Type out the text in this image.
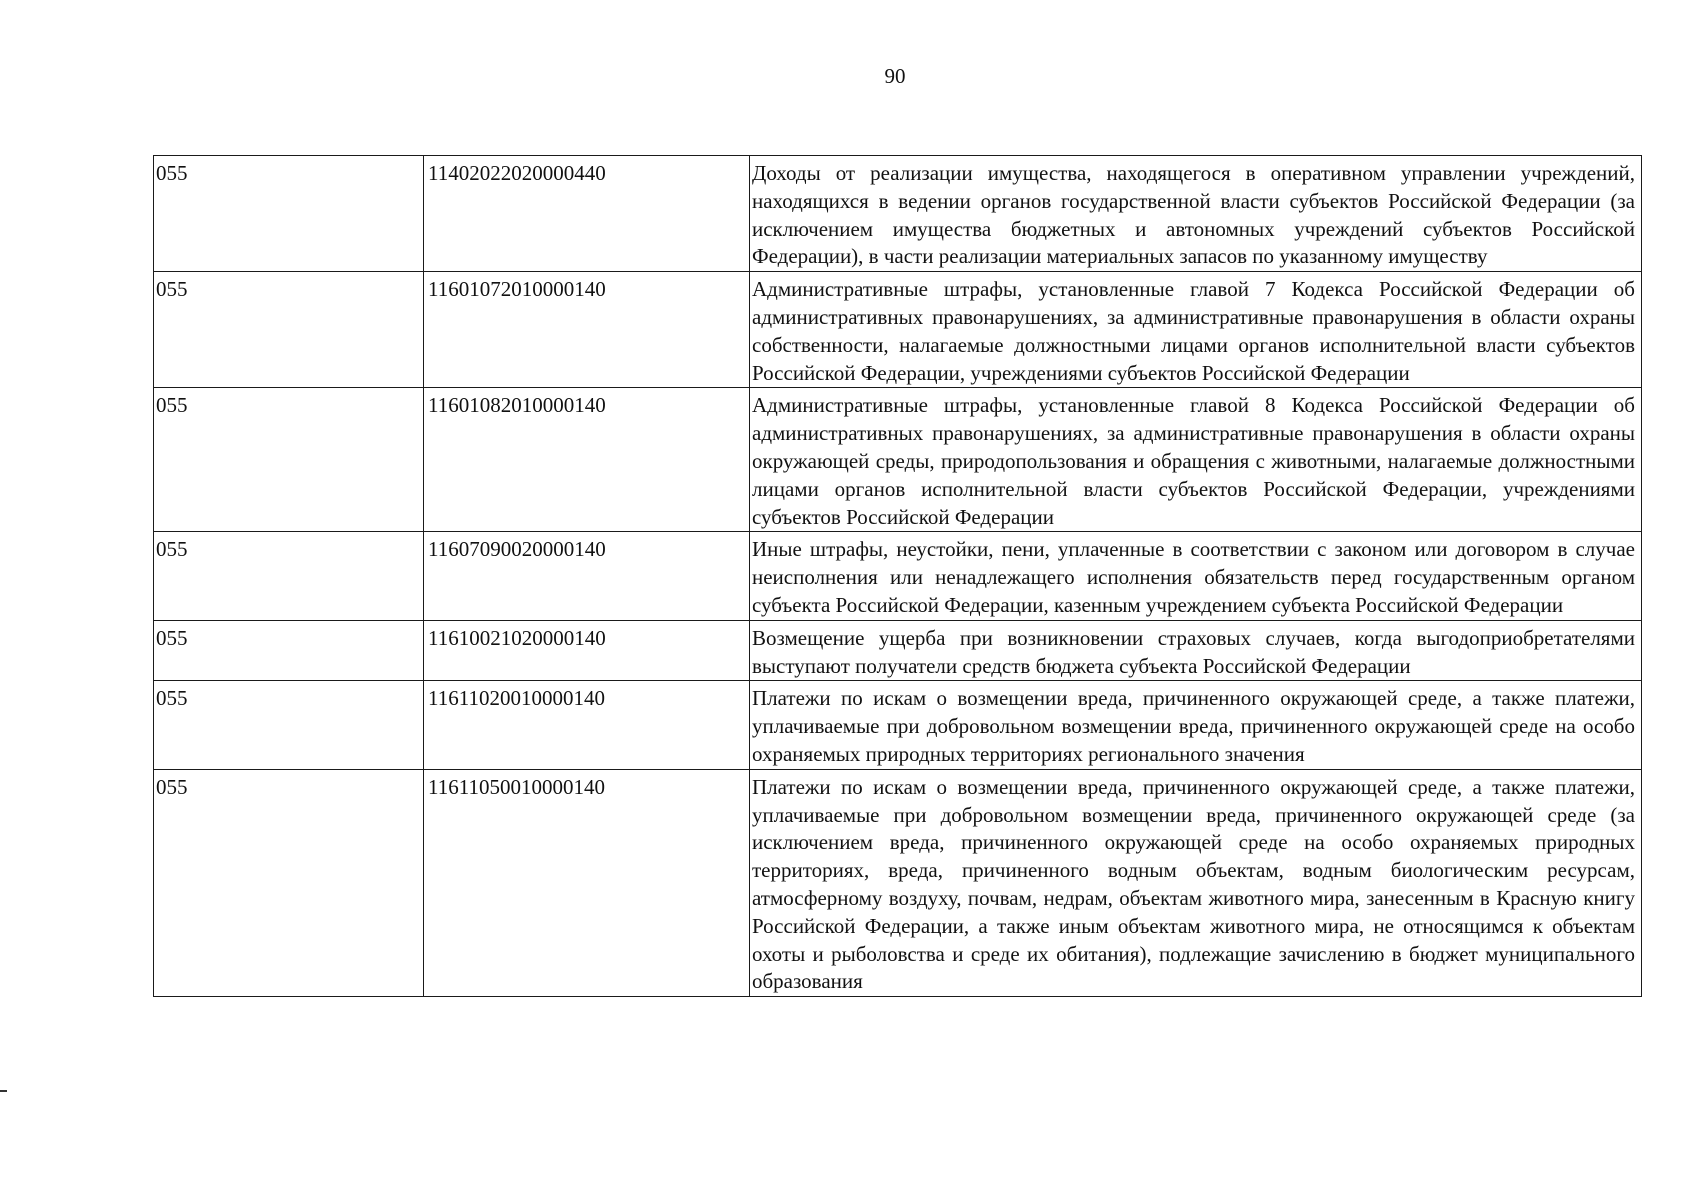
90
055	11402022020000440	Доходы от реализации имущества, находящегося в оперативном управлении учреждений, находящихся в ведении органов государственной власти субъектов Российской Федерации (за исключением имущества бюджетных и автономных учреждений субъектов Российской Федерации), в части реализации материальных запасов по указанному имуществу
055	11601072010000140	Административные штрафы, установленные главой 7 Кодекса Российской Федерации об административных правонарушениях, за административные правонарушения в области охраны собственности, налагаемые должностными лицами органов исполнительной власти субъектов Российской Федерации, учреждениями субъектов Российской Федерации
055	11601082010000140	Административные штрафы, установленные главой 8 Кодекса Российской Федерации об административных правонарушениях, за административные правонарушения в области охраны окружающей среды, природопользования и обращения с животными, налагаемые должностными лицами органов исполнительной власти субъектов Российской Федерации, учреждениями субъектов Российской Федерации
055	11607090020000140	Иные штрафы, неустойки, пени, уплаченные в соответствии с законом или договором в случае неисполнения или ненадлежащего исполнения обязательств перед государственным органом субъекта Российской Федерации, казенным учреждением субъекта Российской Федерации
055	11610021020000140	Возмещение ущерба при возникновении страховых случаев, когда выгодоприобретателями выступают получатели средств бюджета субъекта Российской Федерации
055	11611020010000140	Платежи по искам о возмещении вреда, причиненного окружающей среде, а также платежи, уплачиваемые при добровольном возмещении вреда, причиненного окружающей среде на особо охраняемых природных территориях регионального значения
055	11611050010000140	Платежи по искам о возмещении вреда, причиненного окружающей среде, а также платежи, уплачиваемые при добровольном возмещении вреда, причиненного окружающей среде (за исключением вреда, причиненного окружающей среде на особо охраняемых природных территориях, вреда, причиненного водным объектам, водным биологическим ресурсам, атмосферному воздуху, почвам, недрам, объектам животного мира, занесенным в Красную книгу Российской Федерации, а также иным объектам животного мира, не относящимся к объектам охоты и рыболовства и среде их обитания), подлежащие зачислению в бюджет муниципального образования
